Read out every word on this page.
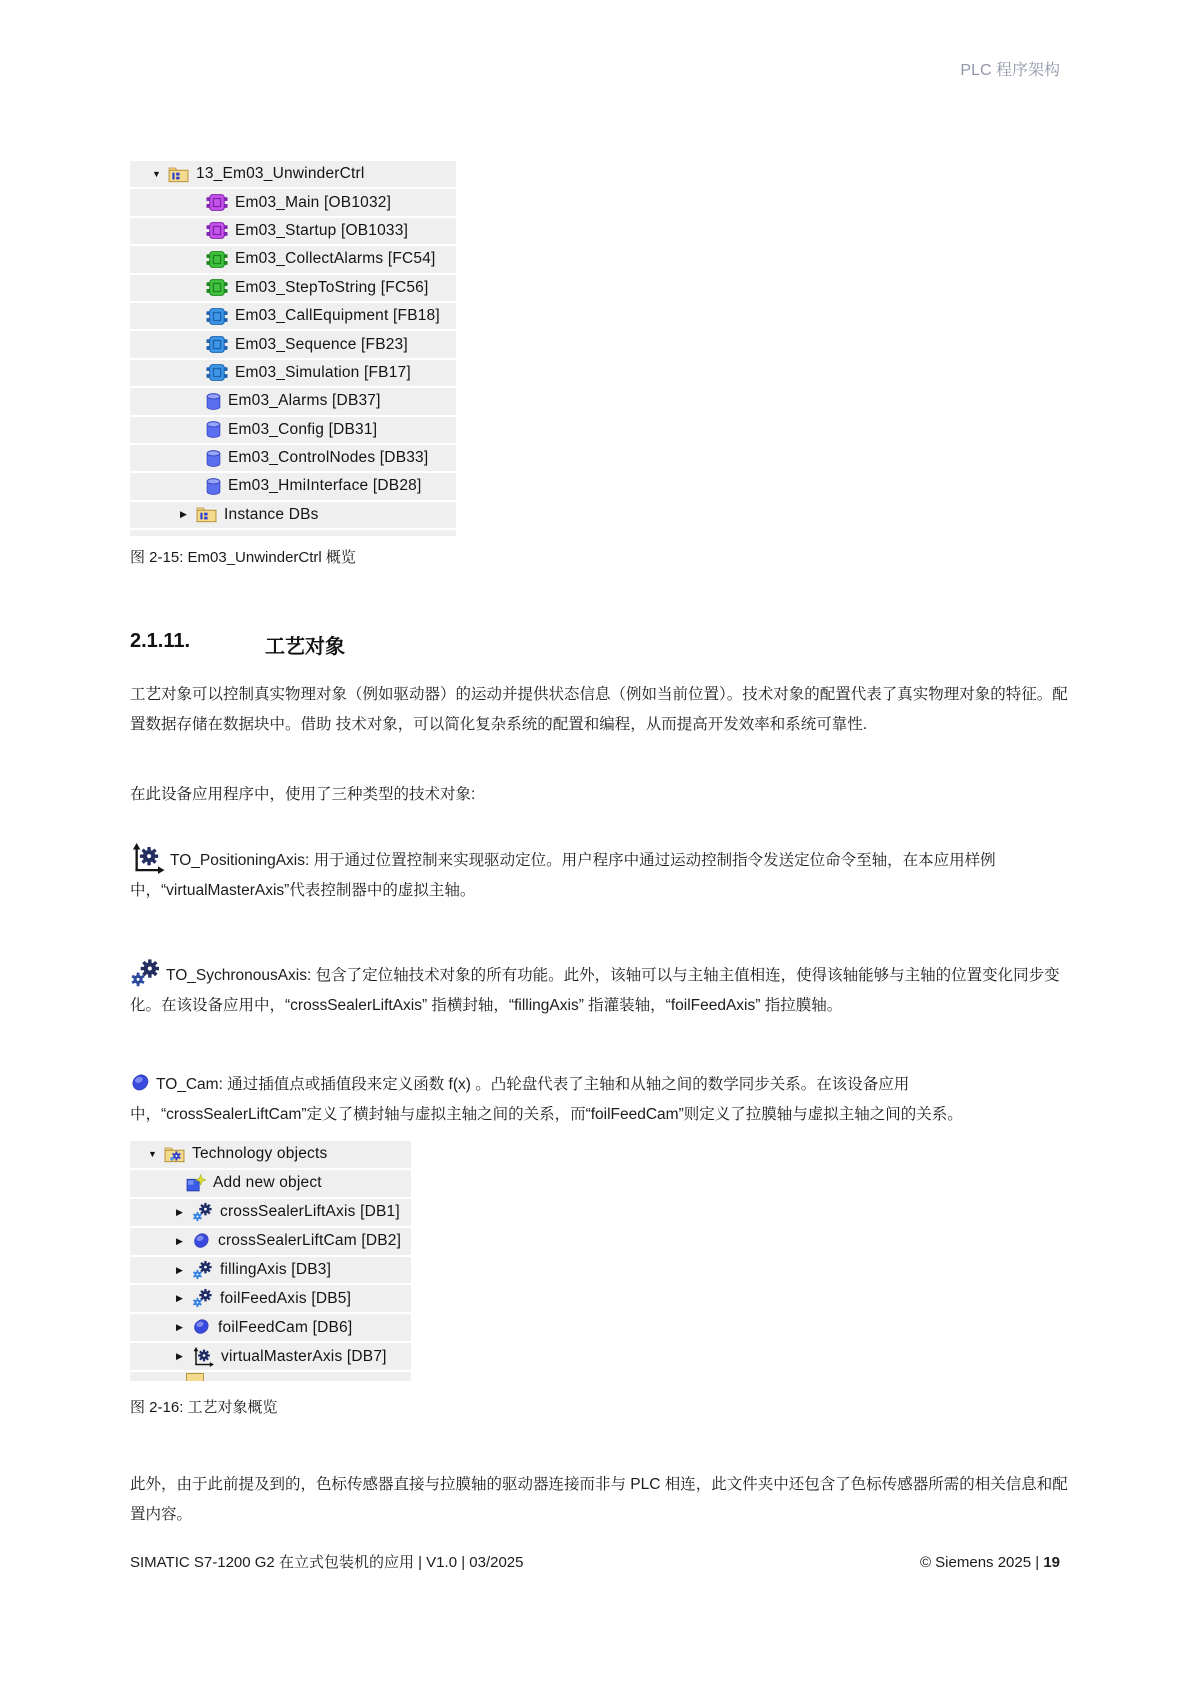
PLC 程序架构
▼	13_Em03_UnwinderCtrl
Em03_Main [OB1032]
Em03_Startup [OB1033]
Em03_CollectAlarms [FC54]
Em03_StepToString [FC56]
Em03_CallEquipment [FB18]
Em03_Sequence [FB23]
Em03_Simulation [FB17]
Em03_Alarms [DB37]
Em03_Config [DB31]
Em03_ControlNodes [DB33]
Em03_HmiInterface [DB28]
▶	Instance DBs
图 2-15: Em03_UnwinderCtrl 概览
2.1.11.	工艺对象
工艺对象可以控制真实物理对象（例如驱动器）的运动并提供状态信息（例如当前位置）。技术对象的配置代表了真实物理对象的特征。配置数据存储在数据块中。借助 技术对象，可以简化复杂系统的配置和编程，从而提高开发效率和系统可靠性.
在此设备应用程序中，使用了三种类型的技术对象:
TO_PositioningAxis: 用于通过位置控制来实现驱动定位。用户程序中通过运动控制指令发送定位命令至轴，在本应用样例中，“virtualMasterAxis”代表控制器中的虚拟主轴。
TO_SychronousAxis: 包含了定位轴技术对象的所有功能。此外，该轴可以与主轴主值相连，使得该轴能够与主轴的位置变化同步变化。在该设备应用中，“crossSealerLiftAxis” 指横封轴，“fillingAxis” 指灌装轴，“foilFeedAxis” 指拉膜轴。
TO_Cam: 通过插值点或插值段来定义函数 f(x) 。凸轮盘代表了主轴和从轴之间的数学同步关系。在该设备应用中，“crossSealerLiftCam”定义了横封轴与虚拟主轴之间的关系，而“foilFeedCam”则定义了拉膜轴与虚拟主轴之间的关系。
▼	Technology objects
Add new object
▶	crossSealerLiftAxis [DB1]
▶	crossSealerLiftCam [DB2]
▶	fillingAxis [DB3]
▶	foilFeedAxis [DB5]
▶	foilFeedCam [DB6]
▶	virtualMasterAxis [DB7]
图 2-16: 工艺对象概览
此外，由于此前提及到的，色标传感器直接与拉膜轴的驱动器连接而非与 PLC 相连，此文件夹中还包含了色标传感器所需的相关信息和配置内容。
SIMATIC S7-1200 G2 在立式包装机的应用 | V1.0 | 03/2025	© Siemens 2025 | 19
